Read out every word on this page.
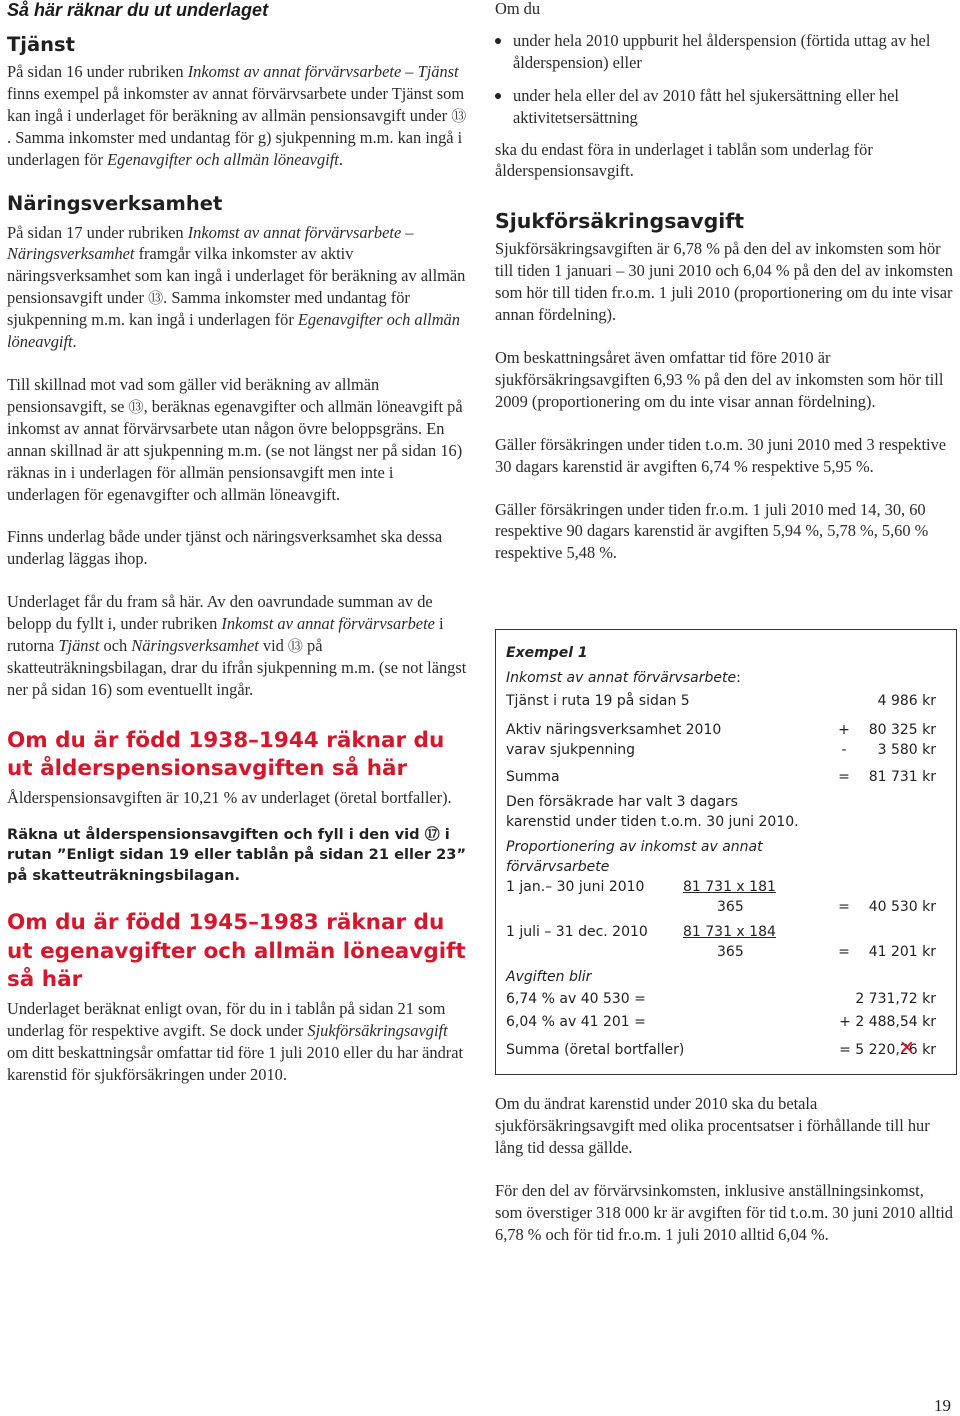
Så här räknar du ut underlaget
Tjänst

På sidan 16 under rubriken Inkomst av annat förvärvsarbete – Tjänst finns exempel på inkomster av annat förvärvsarbete under Tjänst som kan ingå i underlaget för beräkning av allmän pensionsavgift under ⑬. Samma inkomster med undantag för g) sjukpenning m.m. kan ingå i underlagen för Egenavgifter och allmän löneavgift.

Näringsverksamhet

På sidan 17 under rubriken Inkomst av annat förvärvsarbete – Näringsverksamhet framgår vilka inkomster av aktiv näringsverksamhet som kan ingå i underlaget för beräkning av allmän pensionsavgift under ⑬. Samma inkomster med undantag för sjukpenning m.m. kan ingå i underlagen för Egenavgifter och allmän löneavgift.

Till skillnad mot vad som gäller vid beräkning av allmän pensionsavgift, se ⑬, beräknas egenavgifter och allmän löneavgift på inkomst av annat förvärvsarbete utan någon övre beloppsgräns. En annan skillnad är att sjukpenning m.m. (se not längst ner på sidan 16) räknas in i underlagen för allmän pensionsavgift men inte i underlagen för egenavgifter och allmän löneavgift.

Finns underlag både under tjänst och näringsverksamhet ska dessa underlag läggas ihop.

Underlaget får du fram så här. Av den oavrundade summan av de belopp du fyllt i, under rubriken Inkomst av annat förvärvsarbete i rutorna Tjänst och Näringsverksamhet vid ⑬ på skatteuträkningsbilagan, drar du ifrån sjukpenning m.m. (se not längst ner på sidan 16) som eventuellt ingår.

Om du är född 1938–1944 räknar du ut ålderspensionsavgiften så här

Ålderspensionsavgiften är 10,21 % av underlaget (öretal bortfaller).

Räkna ut ålderspensionsavgiften och fyll i den vid ⑰ i rutan ”Enligt sidan 19 eller tablån på sidan 21 eller 23” på skatteuträkningsbilagan.

Om du är född 1945–1983 räknar du ut egenavgifter och allmän löneavgift så här

Underlaget beräknat enligt ovan, för du in i tablån på sidan 21 som underlag för respektive avgift. Se dock under Sjukförsäkringsavgift om ditt beskattningsår omfattar tid före 1 juli 2010 eller du har ändrat karenstid för sjukförsäkringen under 2010.

Om du

under hela 2010 uppburit hel ålderspension (förtida uttag av hel ålderspension) eller
under hela eller del av 2010 fått hel sjukersättning eller hel aktivitetsersättning

ska du endast föra in underlaget i tablån som underlag för ålderspensionsavgift.

Sjukförsäkringsavgift

Sjukförsäkringsavgiften är 6,78 % på den del av inkomsten som hör till tiden 1 januari – 30 juni 2010 och 6,04 % på den del av inkomsten som hör till tiden fr.o.m. 1 juli 2010 (proportionering om du inte visar annan fördelning).

Om beskattningsåret även omfattar tid före 2010 är sjukförsäkringsavgiften 6,93 % på den del av inkomsten som hör till 2009 (proportionering om du inte visar annan fördelning).

Gäller försäkringen under tiden t.o.m. 30 juni 2010 med 3 respektive 30 dagars karenstid är avgiften 6,74 % respektive 5,95 %.

Gäller försäkringen under tiden fr.o.m. 1 juli 2010 med 14, 30, 60 respektive 90 dagars karenstid är avgiften 5,94 %, 5,78 %, 5,60 % respektive 5,48 %.

Exempel 1
Inkomst av annat förvärvsarbete:
Tjänst i ruta 19 på sidan 5	4 986 kr
Aktiv näringsverksamhet 2010	+ 80 325 kr
varav sjukpenning	-	3 580 kr
Summa	= 81 731 kr
Den försäkrade har valt 3 dagars
karenstid under tiden t.o.m. 30 juni 2010.
Proportionering av inkomst av annat
förvärvsarbete
1 jan.– 30 juni 2010	81 731 x 181
365	= 40 530 kr
1 juli – 31 dec. 2010	81 731 x 184
365	= 41 201 kr
Avgiften blir
6,74 % av 40 530 =	2 731,72 kr
6,04 % av 41 201 =	+ 2 488,54 kr
Summa (öretal bortfaller)	= 5 220,26 ✕ kr

Om du ändrat karenstid under 2010 ska du betala sjukförsäkringsavgift med olika procentsatser i förhållande till hur lång tid dessa gällde.

För den del av förvärvsinkomsten, inklusive anställningsinkomst, som överstiger 318 000 kr är avgiften för tid t.o.m. 30 juni 2010 alltid 6,78 % och för tid fr.o.m. 1 juli 2010 alltid 6,04 %.

19
